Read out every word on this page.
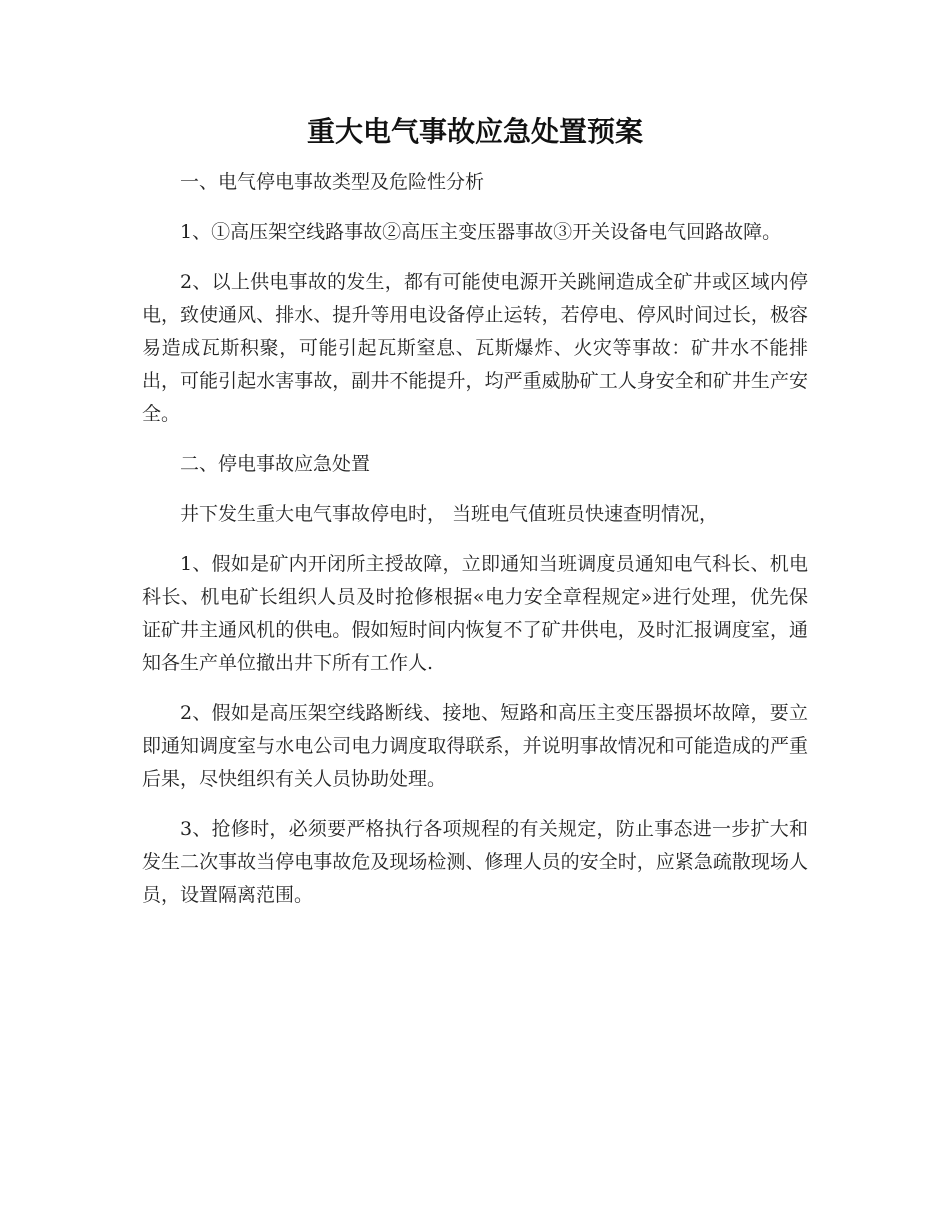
重大电气事故应急处置预案

一、电气停电事故类型及危险性分析

1、①高压架空线路事故②高压主变压器事故③开关设备电气回路故障。

2、以上供电事故的发生，都有可能使电源开关跳闸造成全矿井或区域内停电，致使通风、排水、提升等用电设备停止运转，若停电、停风时间过长，极容易造成瓦斯积聚，可能引起瓦斯窒息、瓦斯爆炸、火灾等事故：矿井水不能排出，可能引起水害事故，副井不能提升，均严重威胁矿工人身安全和矿井生产安全。

二、停电事故应急处置

井下发生重大电气事故停电时， 当班电气值班员快速查明情况，

1、假如是矿内开闭所主授故障，立即通知当班调度员通知电气科长、机电科长、机电矿长组织人员及时抢修根据«电力安全章程规定»进行处理，优先保证矿井主通风机的供电。假如短时间内恢复不了矿井供电，及时汇报调度室，通知各生产单位撤出井下所有工作人.

2、假如是高压架空线路断线、接地、短路和高压主变压器损坏故障，要立即通知调度室与水电公司电力调度取得联系，并说明事故情况和可能造成的严重后果，尽快组织有关人员协助处理。

3、抢修时，必须要严格执行各项规程的有关规定，防止事态进一步扩大和发生二次事故当停电事故危及现场检测、修理人员的安全时，应紧急疏散现场人员，设置隔离范围。
